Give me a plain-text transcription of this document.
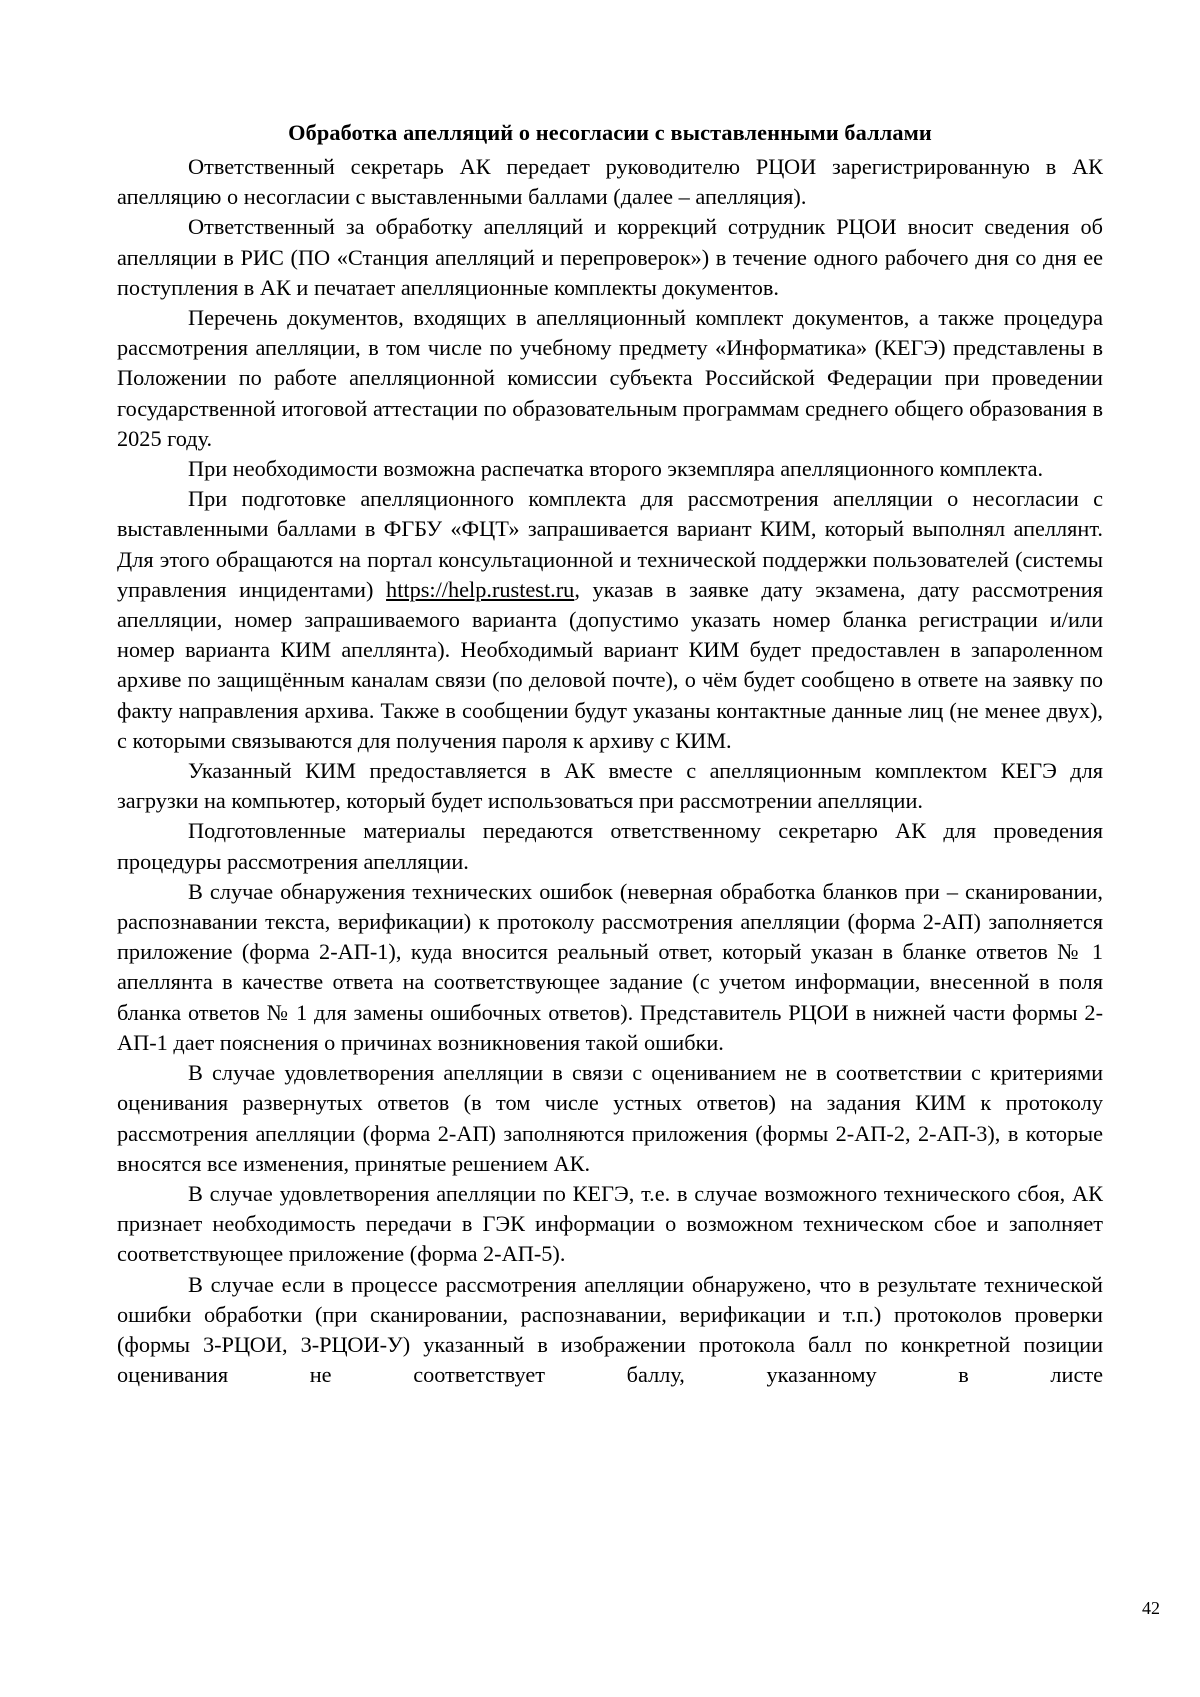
Обработка апелляций о несогласии с выставленными баллами

Ответственный секретарь АК передает руководителю РЦОИ зарегистрированную в АК апелляцию о несогласии с выставленными баллами (далее – апелляция).

Ответственный за обработку апелляций и коррекций сотрудник РЦОИ вносит сведения об апелляции в РИС (ПО «Станция апелляций и перепроверок») в течение одного рабочего дня со дня ее поступления в АК и печатает апелляционные комплекты документов.

Перечень документов, входящих в апелляционный комплект документов, а также процедура рассмотрения апелляции, в том числе по учебному предмету «Информатика» (КЕГЭ) представлены в Положении по работе апелляционной комиссии субъекта Российской Федерации при проведении государственной итоговой аттестации по образовательным программам среднего общего образования в 2025 году.

При необходимости возможна распечатка второго экземпляра апелляционного комплекта.

При подготовке апелляционного комплекта для рассмотрения апелляции о несогласии с выставленными баллами в ФГБУ «ФЦТ» запрашивается вариант КИМ, который выполнял апеллянт. Для этого обращаются на портал консультационной и технической поддержки пользователей (системы управления инцидентами) https://help.rustest.ru, указав в заявке дату экзамена, дату рассмотрения апелляции, номер запрашиваемого варианта (допустимо указать номер бланка регистрации и/или номер варианта КИМ апеллянта). Необходимый вариант КИМ будет предоставлен в запароленном архиве по защищённым каналам связи (по деловой почте), о чём будет сообщено в ответе на заявку по факту направления архива. Также в сообщении будут указаны контактные данные лиц (не менее двух), с которыми связываются для получения пароля к архиву с КИМ.

Указанный КИМ предоставляется в АК вместе с апелляционным комплектом КЕГЭ для загрузки на компьютер, который будет использоваться при рассмотрении апелляции.

Подготовленные материалы передаются ответственному секретарю АК для проведения процедуры рассмотрения апелляции.

В случае обнаружения технических ошибок (неверная обработка бланков при – сканировании, распознавании текста, верификации) к протоколу рассмотрения апелляции (форма 2-АП) заполняется приложение (форма 2-АП-1), куда вносится реальный ответ, который указан в бланке ответов № 1 апеллянта в качестве ответа на соответствующее задание (с учетом информации, внесенной в поля бланка ответов № 1 для замены ошибочных ответов). Представитель РЦОИ в нижней части формы 2-АП-1 дает пояснения о причинах возникновения такой ошибки.

В случае удовлетворения апелляции в связи с оцениванием не в соответствии с критериями оценивания развернутых ответов (в том числе устных ответов) на задания КИМ к протоколу рассмотрения апелляции (форма 2-АП) заполняются приложения (формы 2-АП-2, 2-АП-3), в которые вносятся все изменения, принятые решением АК.

В случае удовлетворения апелляции по КЕГЭ, т.е. в случае возможного технического сбоя, АК признает необходимость передачи в ГЭК информации о возможном техническом сбое и заполняет соответствующее приложение (форма 2-АП-5).

В случае если в процессе рассмотрения апелляции обнаружено, что в результате технической ошибки обработки (при сканировании, распознавании, верификации и т.п.) протоколов проверки (формы 3-РЦОИ, 3-РЦОИ-У) указанный в изображении протокола балл по конкретной позиции оценивания не соответствует баллу, указанному в листе

42
